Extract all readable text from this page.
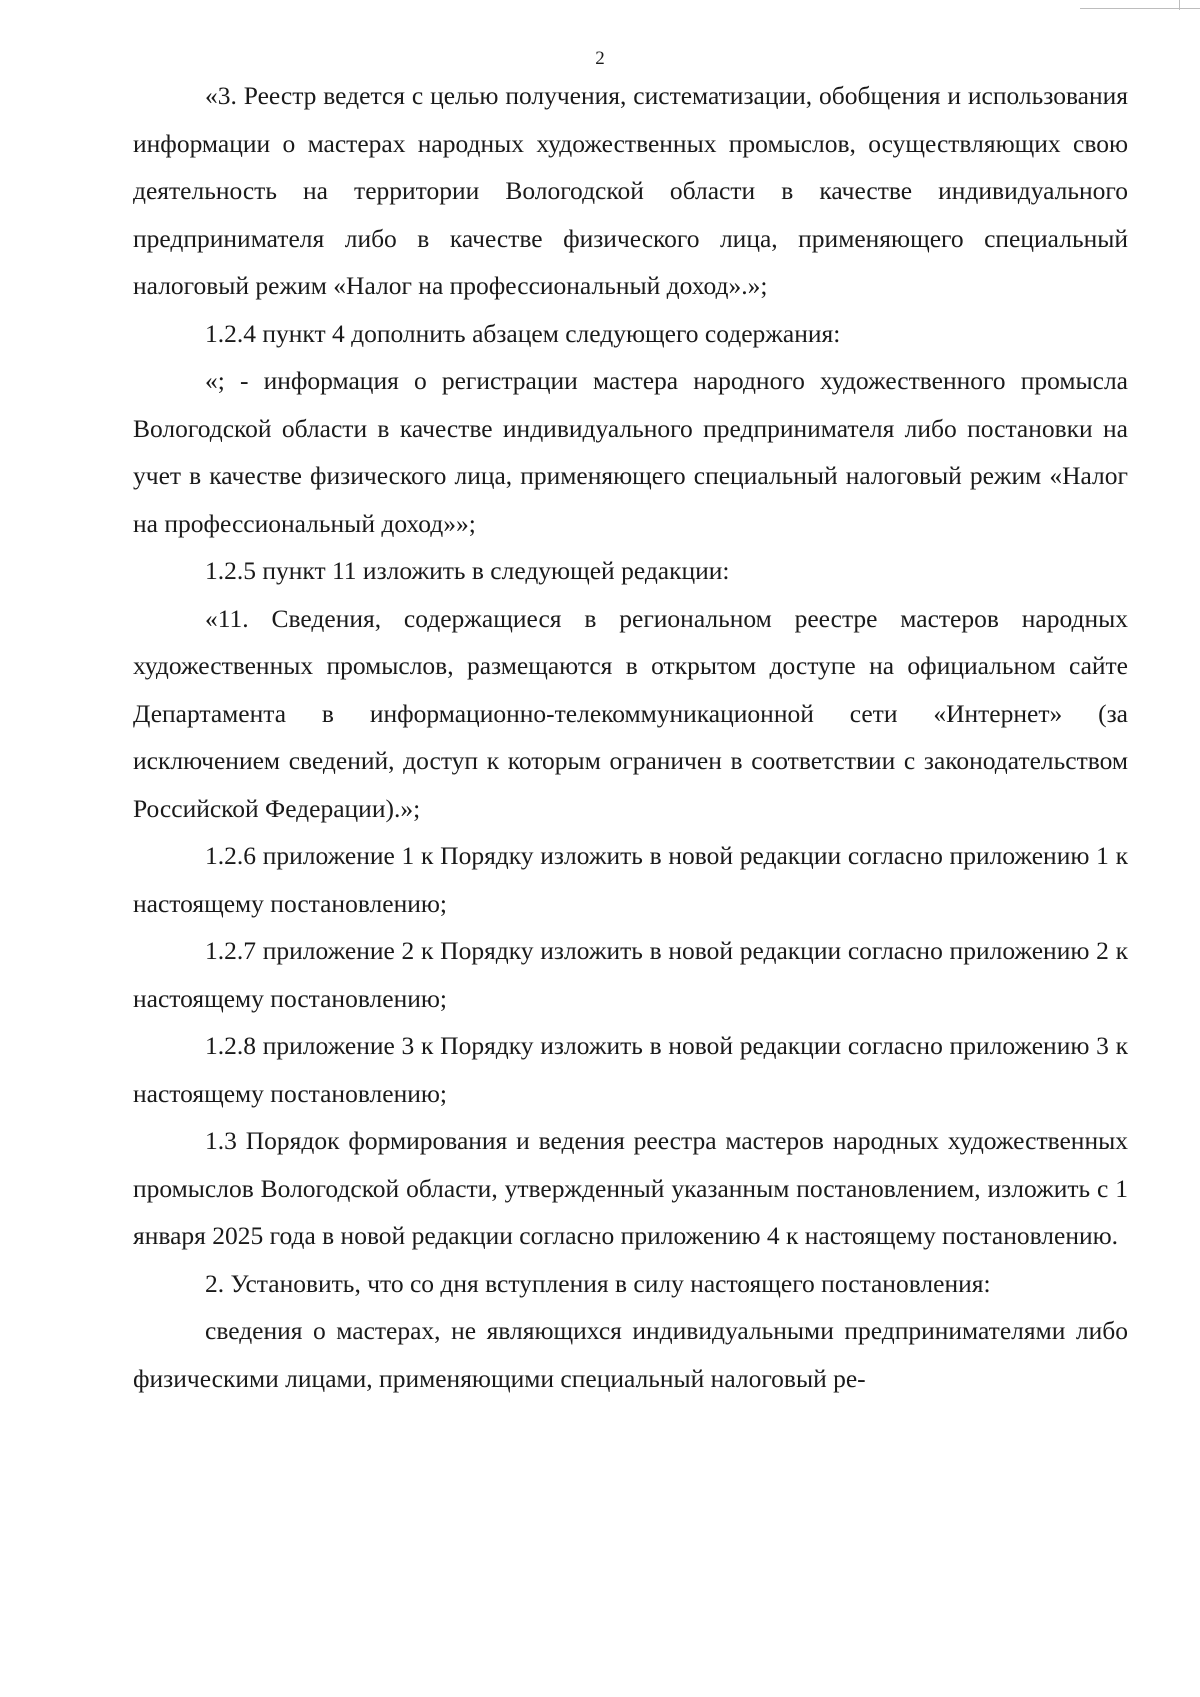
2

«3. Реестр ведется с целью получения, систематизации, обобщения и использования информации о мастерах народных художественных промыслов, осуществляющих свою деятельность на территории Вологодской области в качестве индивидуального предпринимателя либо в качестве физического лица, применяющего специальный налоговый режим «Налог на профессиональный доход».»;

1.2.4 пункт 4 дополнить абзацем следующего содержания:

«; - информация о регистрации мастера народного художественного промысла Вологодской области в качестве индивидуального предпринимателя либо постановки на учет в качестве физического лица, применяющего специальный налоговый режим «Налог на профессиональный доход»»;

1.2.5 пункт 11 изложить в следующей редакции:

«11. Сведения, содержащиеся в региональном реестре мастеров народных художественных промыслов, размещаются в открытом доступе на официальном сайте Департамента в информационно-телекоммуникационной сети «Интернет» (за исключением сведений, доступ к которым ограничен в соответствии с законодательством Российской Федерации).»;

1.2.6 приложение 1 к Порядку изложить в новой редакции согласно приложению 1 к настоящему постановлению;

1.2.7 приложение 2 к Порядку изложить в новой редакции согласно приложению 2 к настоящему постановлению;

1.2.8 приложение 3 к Порядку изложить в новой редакции согласно приложению 3 к настоящему постановлению;

1.3 Порядок формирования и ведения реестра мастеров народных художественных промыслов Вологодской области, утвержденный указанным постановлением, изложить с 1 января 2025 года в новой редакции согласно приложению 4 к настоящему постановлению.

2. Установить, что со дня вступления в силу настоящего постановления:

сведения о мастерах, не являющихся индивидуальными предпринимателями либо физическими лицами, применяющими специальный налоговый ре-
